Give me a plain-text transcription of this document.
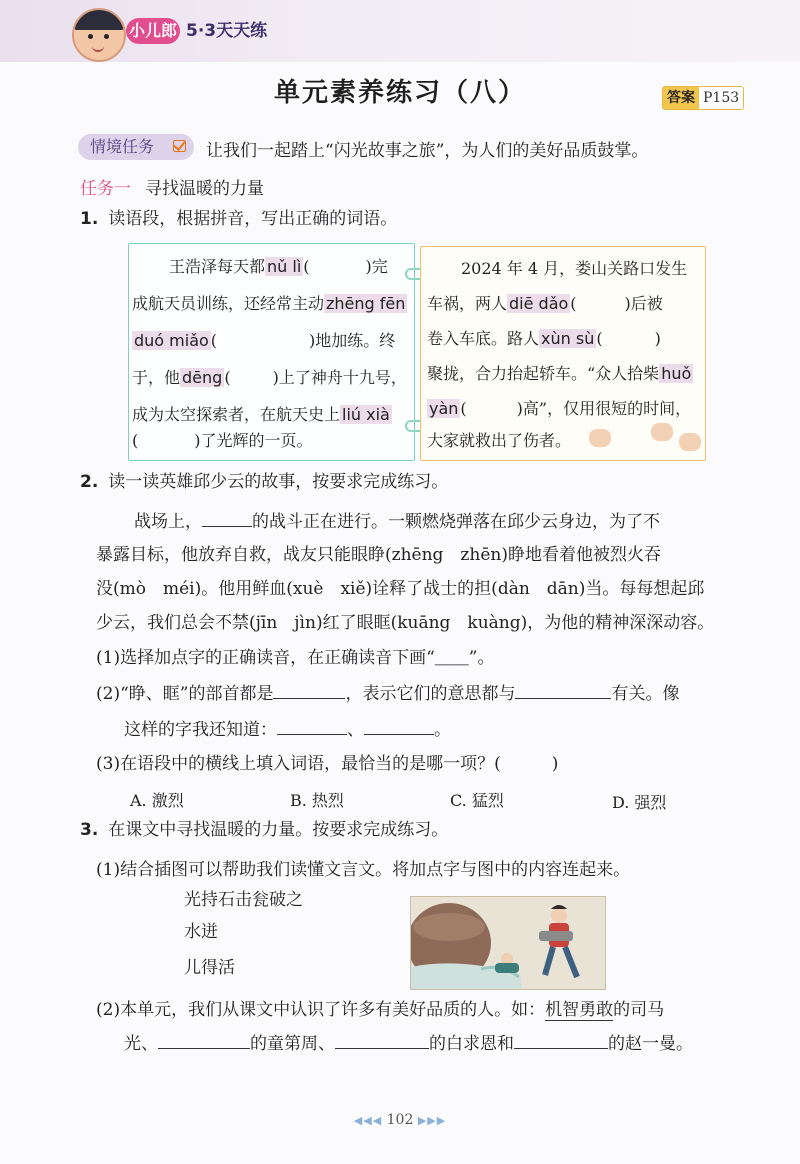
小儿郎 5·3天天练
单元素养练习（八）	答案 P153
情境任务	让我们一起踏上“闪光故事之旅”，为人们的美好品质鼓掌。
任务一 寻找温暖的力量
1. 读语段，根据拼音，写出正确的词语。
王浩泽每天都 nǔ lì (	)完
成航天员训练，还经常主动 zhēng fēn
duó miǎo (	)地加练。终
于，他 dēng (	)上了神舟十九号，
成为太空探索者，在航天史上 liú xià
(	)了光辉的一页。
2024 年 4 月，娄山关路口发生
车祸，两人 diē dǎo (	)后被
卷入车底。路人 xùn sù (	)
聚拢，合力抬起轿车。“众人拾柴 huǒ
yàn (	)高”，仅用很短的时间，
大家就救出了伤者。
2. 读一读英雄邱少云的故事，按要求完成练习。
战场上，	的战斗正在进行。一颗燃烧弹落在邱少云身边，为了不
暴露目标，他放弃自救，战友只能眼睁(zhēng　zhēn)睁地看着他被烈火吞
没(mò　méi)。他用鲜血(xuè　xiě)诠释了战士的担(dàn　dān)当。每每想起邱
少云，我们总会不禁(jīn　jìn)红了眼眶(kuāng　kuàng)，为他的精神深深动容。
(1)选择加点字的正确读音，在正确读音下画“＿＿”。
(2)“睁、眶”的部首都是	，表示它们的意思都与	有关。像
这样的字我还知道：	、	。
(3)在语段中的横线上填入词语，最恰当的是哪一项？(　　　)
A. 激烈	B. 热烈	C. 猛烈	D. 强烈
3. 在课文中寻找温暖的力量。按要求完成练习。
(1)结合插图可以帮助我们读懂文言文。将加点字与图中的内容连起来。
光持石击瓮破之
水迸
儿得活
(2)本单元，我们从课文中认识了许多有美好品质的人。如：机智勇敢的司马
光、	的童第周、	的白求恩和	的赵一曼。
◀◀◀ 102 ▶▶▶
